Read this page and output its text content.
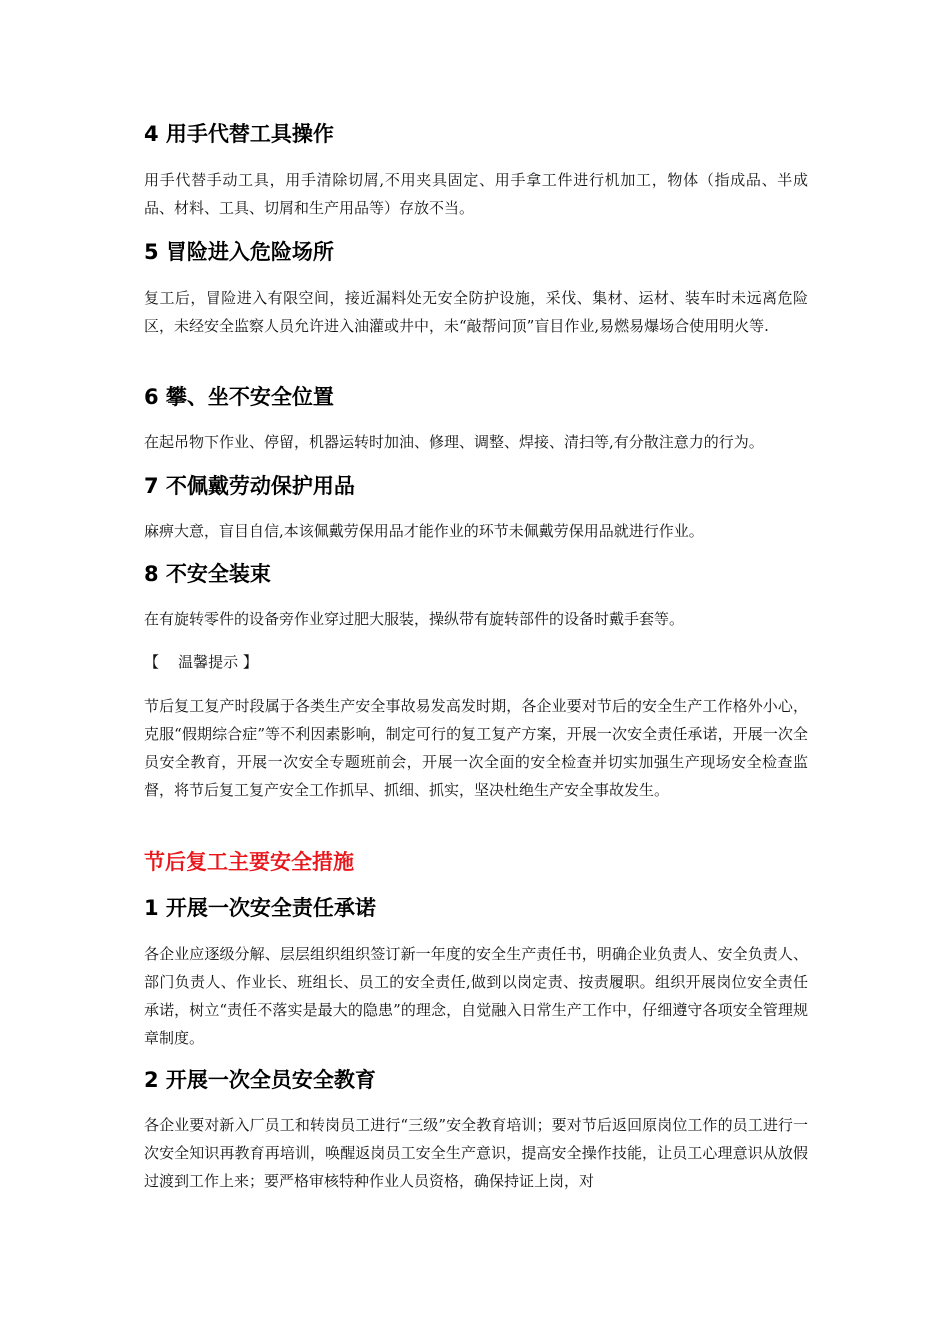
4 用手代替工具操作

用手代替手动工具，用手清除切屑,不用夹具固定、用手拿工件进行机加工，物体（指成品、半成品、材料、工具、切屑和生产用品等）存放不当。

5 冒险进入危险场所

复工后，冒险进入有限空间，接近漏料处无安全防护设施，采伐、集材、运材、装车时未远离危险区，未经安全监察人员允许进入油灌或井中，未“敲帮问顶”盲目作业,易燃易爆场合使用明火等.

6 攀、坐不安全位置

在起吊物下作业、停留，机器运转时加油、修理、调整、焊接、清扫等,有分散注意力的行为。

7 不佩戴劳动保护用品

麻痹大意，盲目自信,本该佩戴劳保用品才能作业的环节未佩戴劳保用品就进行作业。

8 不安全装束

在有旋转零件的设备旁作业穿过肥大服装，操纵带有旋转部件的设备时戴手套等。

【    温馨提示 】

节后复工复产时段属于各类生产安全事故易发高发时期，各企业要对节后的安全生产工作格外小心，克服“假期综合症”等不利因素影响，制定可行的复工复产方案，开展一次安全责任承诺，开展一次全员安全教育，开展一次安全专题班前会，开展一次全面的安全检查并切实加强生产现场安全检查监督，将节后复工复产安全工作抓早、抓细、抓实，坚决杜绝生产安全事故发生。

节后复工主要安全措施
1 开展一次安全责任承诺

各企业应逐级分解、层层组织组织签订新一年度的安全生产责任书，明确企业负责人、安全负责人、部门负责人、作业长、班组长、员工的安全责任,做到以岗定责、按责履职。组织开展岗位安全责任承诺，树立“责任不落实是最大的隐患”的理念，自觉融入日常生产工作中，仔细遵守各项安全管理规章制度。

2 开展一次全员安全教育

各企业要对新入厂员工和转岗员工进行“三级”安全教育培训；要对节后返回原岗位工作的员工进行一次安全知识再教育再培训，唤醒返岗员工安全生产意识，提高安全操作技能，让员工心理意识从放假过渡到工作上来；要严格审核特种作业人员资格，确保持证上岗，对
